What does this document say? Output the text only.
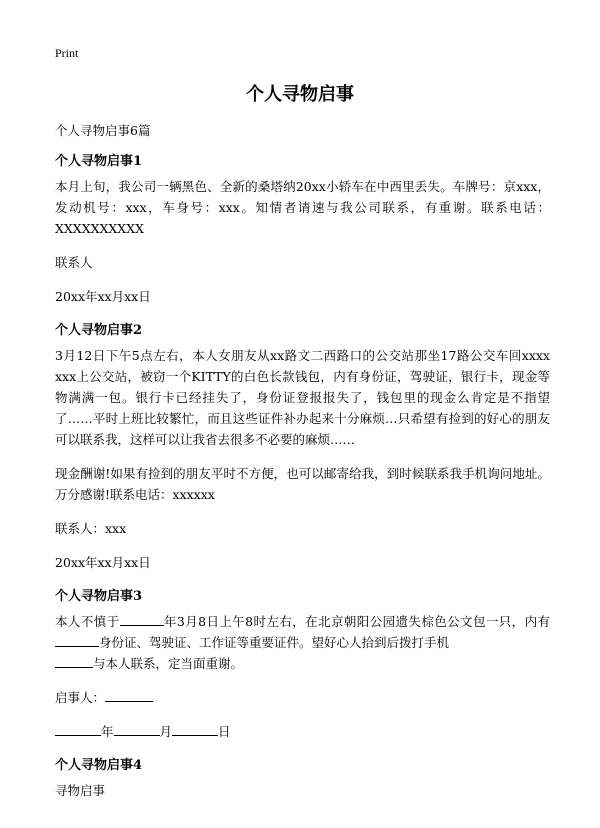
Print
个人寻物启事

个人寻物启事6篇

个人寻物启事1

本月上旬，我公司一辆黑色、全新的桑塔纳20xx小轿车在中西里丢失。车牌号：京xxx，发动机号：xxx，车身号：xxx。知情者请速与我公司联系，有重谢。联系电话：XXXXXXXXXX

联系人

20xx年xx月xx日

个人寻物启事2

3月12日下午5点左右，本人女朋友从xx路文二西路口的公交站那坐17路公交车回xxxx xxx上公交站，被窃一个KITTY的白色长款钱包，内有身份证，驾驶证，银行卡，现金等物满满一包。银行卡已经挂失了，身份证登报报失了，钱包里的现金么肯定是不指望了……平时上班比较繁忙，而且这些证件补办起来十分麻烦…只希望有捡到的好心的朋友可以联系我，这样可以让我省去很多不必要的麻烦……

现金酬谢!如果有捡到的朋友平时不方便，也可以邮寄给我，到时候联系我手机询问地址。万分感谢!联系电话：xxxxxx

联系人：xxx

20xx年xx月xx日

个人寻物启事3

本人不慎于	年3月8日上午8时左右，在北京朝阳公园遗失棕色公文包一只，内有身份证、驾驶证、工作证等重要证件。望好心人拾到后拨打手机
与本人联系，定当面重谢。

启事人：

年	月	日

个人寻物启事4

寻物启事
